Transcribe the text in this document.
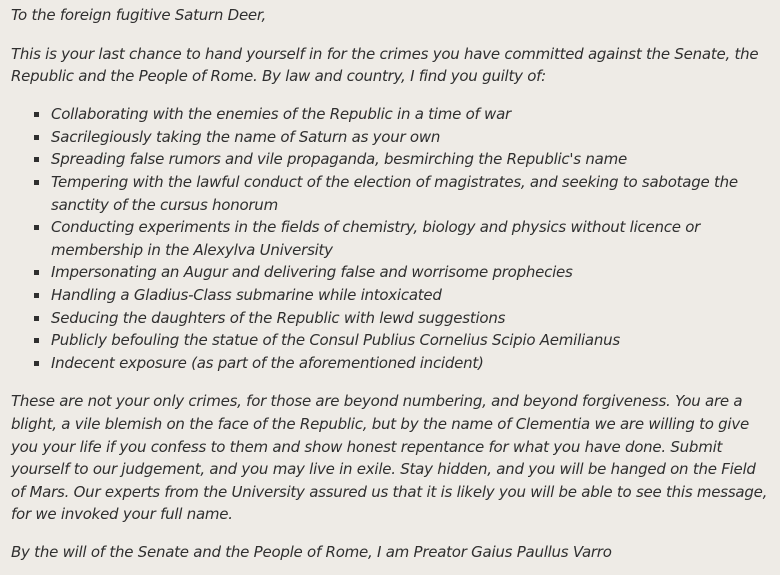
To the foreign fugitive Saturn Deer,

This is your last chance to hand yourself in for the crimes you have committed against the Senate, the Republic and the People of Rome. By law and country, I find you guilty of:

Collaborating with the enemies of the Republic in a time of war
Sacrilegiously taking the name of Saturn as your own
Spreading false rumors and vile propaganda, besmirching the Republic's name
Tempering with the lawful conduct of the election of magistrates, and seeking to sabotage the sanctity of the cursus honorum
Conducting experiments in the fields of chemistry, biology and physics without licence or membership in the Alexylva University
Impersonating an Augur and delivering false and worrisome prophecies
Handling a Gladius-Class submarine while intoxicated
Seducing the daughters of the Republic with lewd suggestions
Publicly befouling the statue of the Consul Publius Cornelius Scipio Aemilianus
Indecent exposure (as part of the aforementioned incident)

These are not your only crimes, for those are beyond numbering, and beyond forgiveness. You are a blight, a vile blemish on the face of the Republic, but by the name of Clementia we are willing to give you your life if you confess to them and show honest repentance for what you have done. Submit yourself to our judgement, and you may live in exile. Stay hidden, and you will be hanged on the Field of Mars. Our experts from the University assured us that it is likely you will be able to see this message, for we invoked your full name.

By the will of the Senate and the People of Rome, I am Preator Gaius Paullus Varro
